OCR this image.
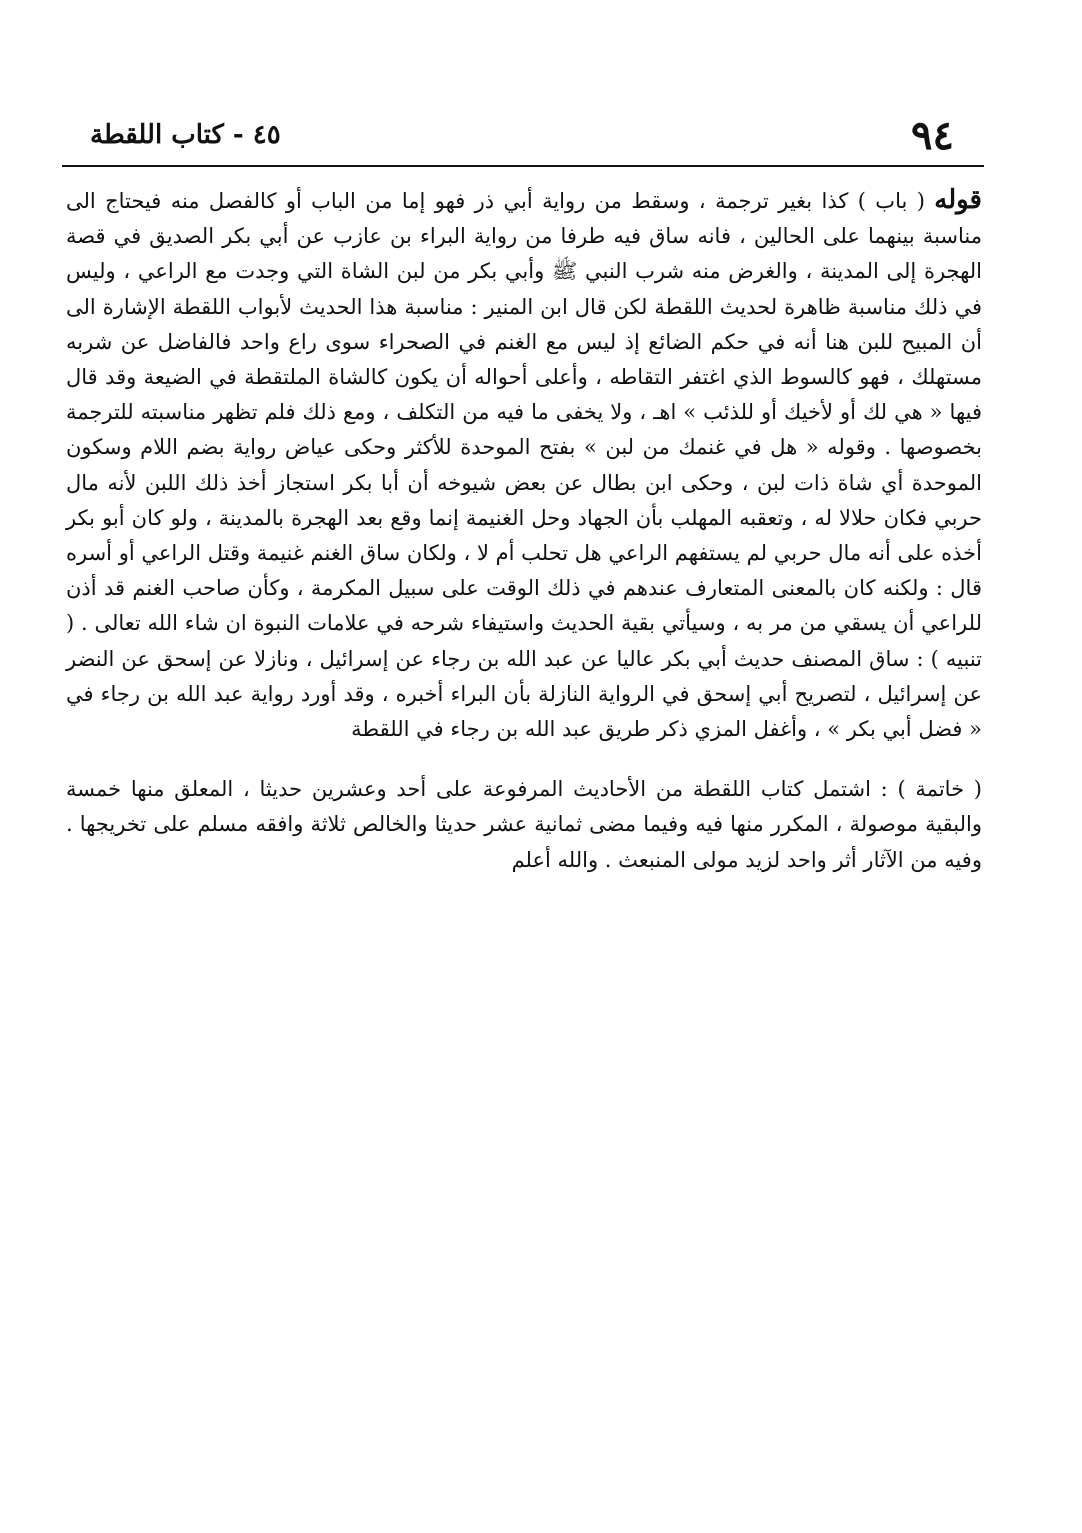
٩٤
٤٥ - كتاب اللقطة

قوله ( باب ) كذا بغير ترجمة ، وسقط من رواية أبي ذر فهو إما من الباب أو كالفصل منه فيحتاج الى مناسبة بينهما على الحالين ، فانه ساق فيه طرفا من رواية البراء بن عازب عن أبي بكر الصديق في قصة الهجرة إلى المدينة ، والغرض منه شرب النبي ﷺ وأبي بكر من لبن الشاة التي وجدت مع الراعي ، وليس في ذلك مناسبة ظاهرة لحديث اللقطة لكن قال ابن المنير : مناسبة هذا الحديث لأبواب اللقطة الإشارة الى أن المبيح للبن هنا أنه في حكم الضائع إذ ليس مع الغنم في الصحراء سوى راع واحد فالفاضل عن شربه مستهلك ، فهو كالسوط الذي اغتفر التقاطه ، وأعلى أحواله أن يكون كالشاة الملتقطة في الضيعة وقد قال فيها « هي لك أو لأخيك أو للذئب » اهـ ، ولا يخفى ما فيه من التكلف ، ومع ذلك فلم تظهر مناسبته للترجمة بخصوصها . وقوله « هل في غنمك من لبن » بفتح الموحدة للأكثر وحكى عياض رواية بضم اللام وسكون الموحدة أي شاة ذات لبن ، وحكى ابن بطال عن بعض شيوخه أن أبا بكر استجاز أخذ ذلك اللبن لأنه مال حربي فكان حلالا له ، وتعقبه المهلب بأن الجهاد وحل الغنيمة إنما وقع بعد الهجرة بالمدينة ، ولو كان أبو بكر أخذه على أنه مال حربي لم يستفهم الراعي هل تحلب أم لا ، ولكان ساق الغنم غنيمة وقتل الراعي أو أسره قال : ولكنه كان بالمعنى المتعارف عندهم في ذلك الوقت على سبيل المكرمة ، وكأن صاحب الغنم قد أذن للراعي أن يسقي من مر به ، وسيأتي بقية الحديث واستيفاء شرحه في علامات النبوة ان شاء الله تعالى . ( تنبيه ) : ساق المصنف حديث أبي بكر عاليا عن عبد الله بن رجاء عن إسرائيل ، ونازلا عن إسحق عن النضر عن إسرائيل ، لتصريح أبي إسحق في الرواية النازلة بأن البراء أخبره ، وقد أورد رواية عبد الله بن رجاء في « فضل أبي بكر » ، وأغفل المزي ذكر طريق عبد الله بن رجاء في اللقطة

( خاتمة ) : اشتمل كتاب اللقطة من الأحاديث المرفوعة على أحد وعشرين حديثا ، المعلق منها خمسة والبقية موصولة ، المكرر منها فيه وفيما مضى ثمانية عشر حديثا والخالص ثلاثة وافقه مسلم على تخريجها . وفيه من الآثار أثر واحد لزيد مولى المنبعث . والله أعلم
